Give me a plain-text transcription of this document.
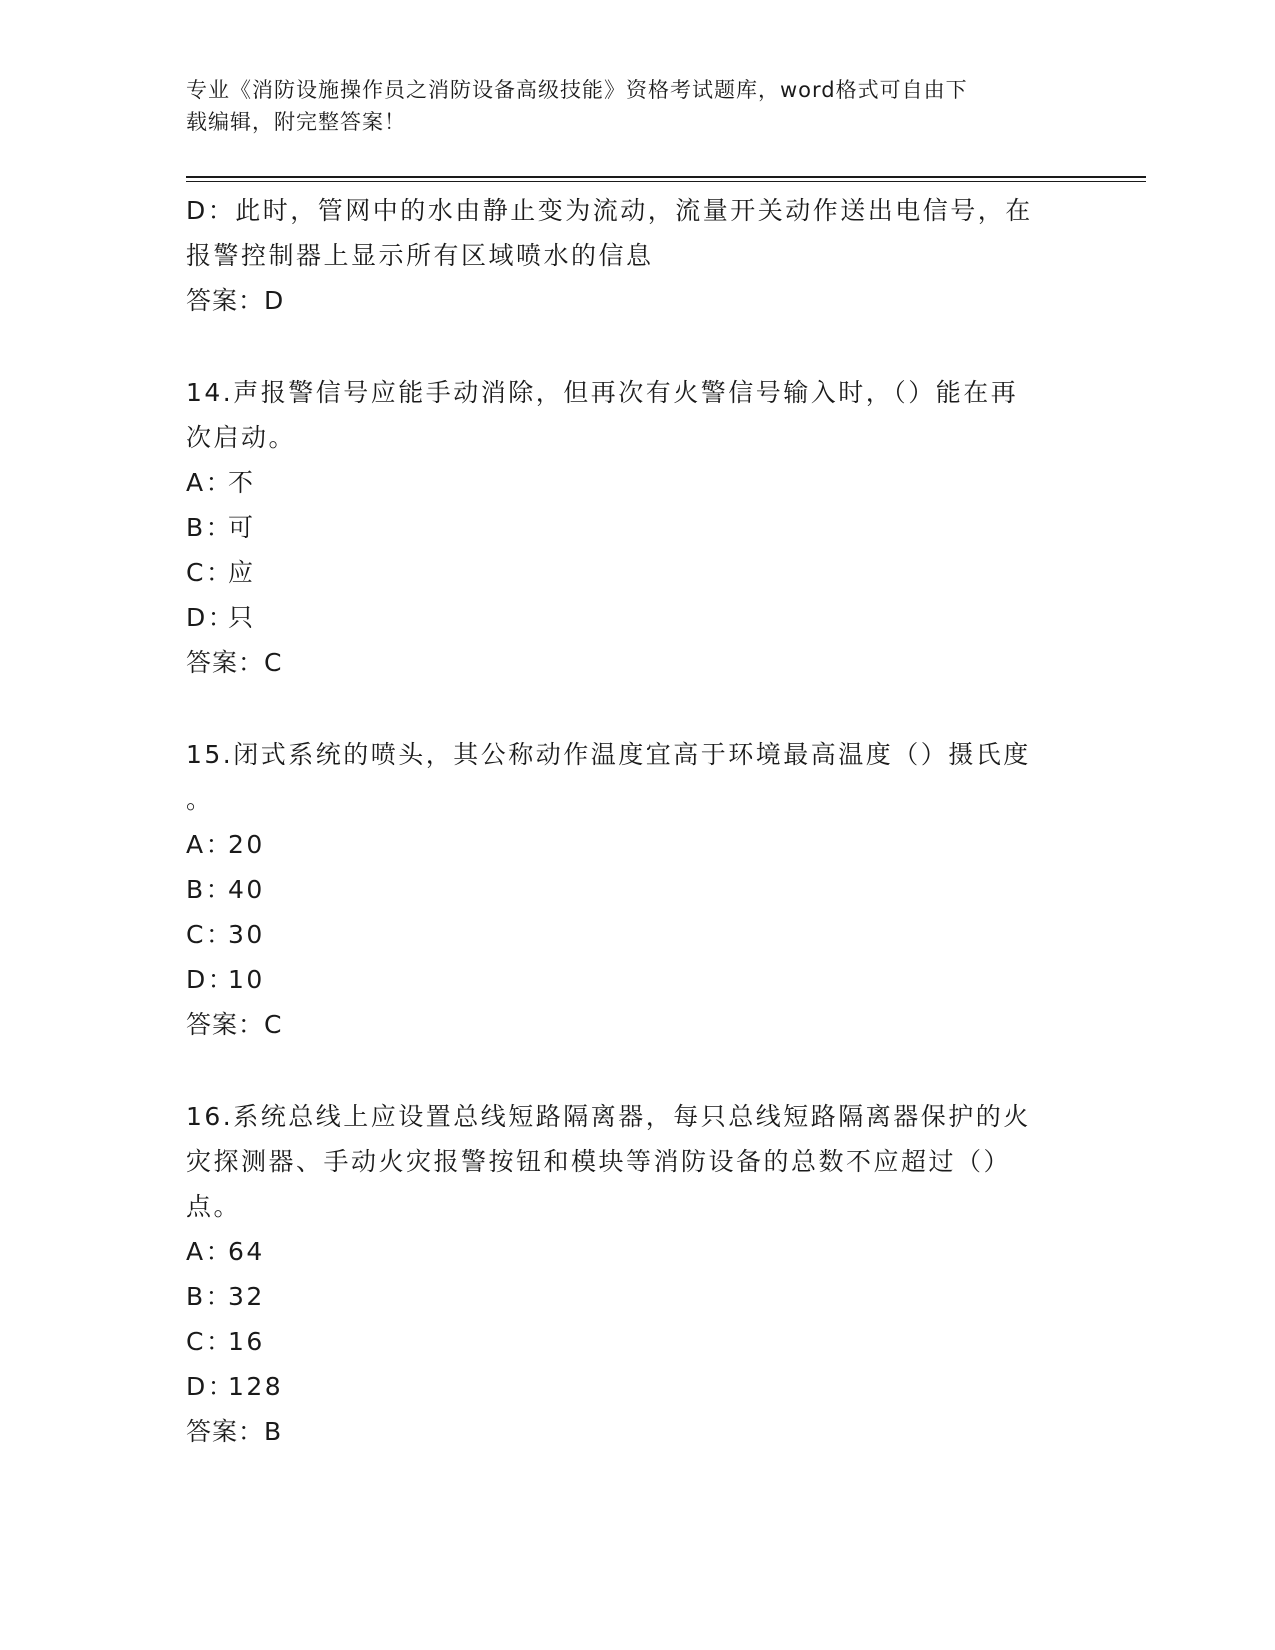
专业《消防设施操作员之消防设备高级技能》资格考试题库，word格式可自由下
载编辑，附完整答案！
D：此时，管网中的水由静止变为流动，流量开关动作送出电信号，在
报警控制器上显示所有区域喷水的信息
答案：D
14.声报警信号应能手动消除，但再次有火警信号输入时，（）能在再
次启动。
A：不
B：可
C：应
D：只
答案：C
15.闭式系统的喷头，其公称动作温度宜高于环境最高温度（）摄氏度
。
A：20
B：40
C：30
D：10
答案：C
16.系统总线上应设置总线短路隔离器，每只总线短路隔离器保护的火
灾探测器、手动火灾报警按钮和模块等消防设备的总数不应超过（）
点。
A：64
B：32
C：16
D：128
答案：B
